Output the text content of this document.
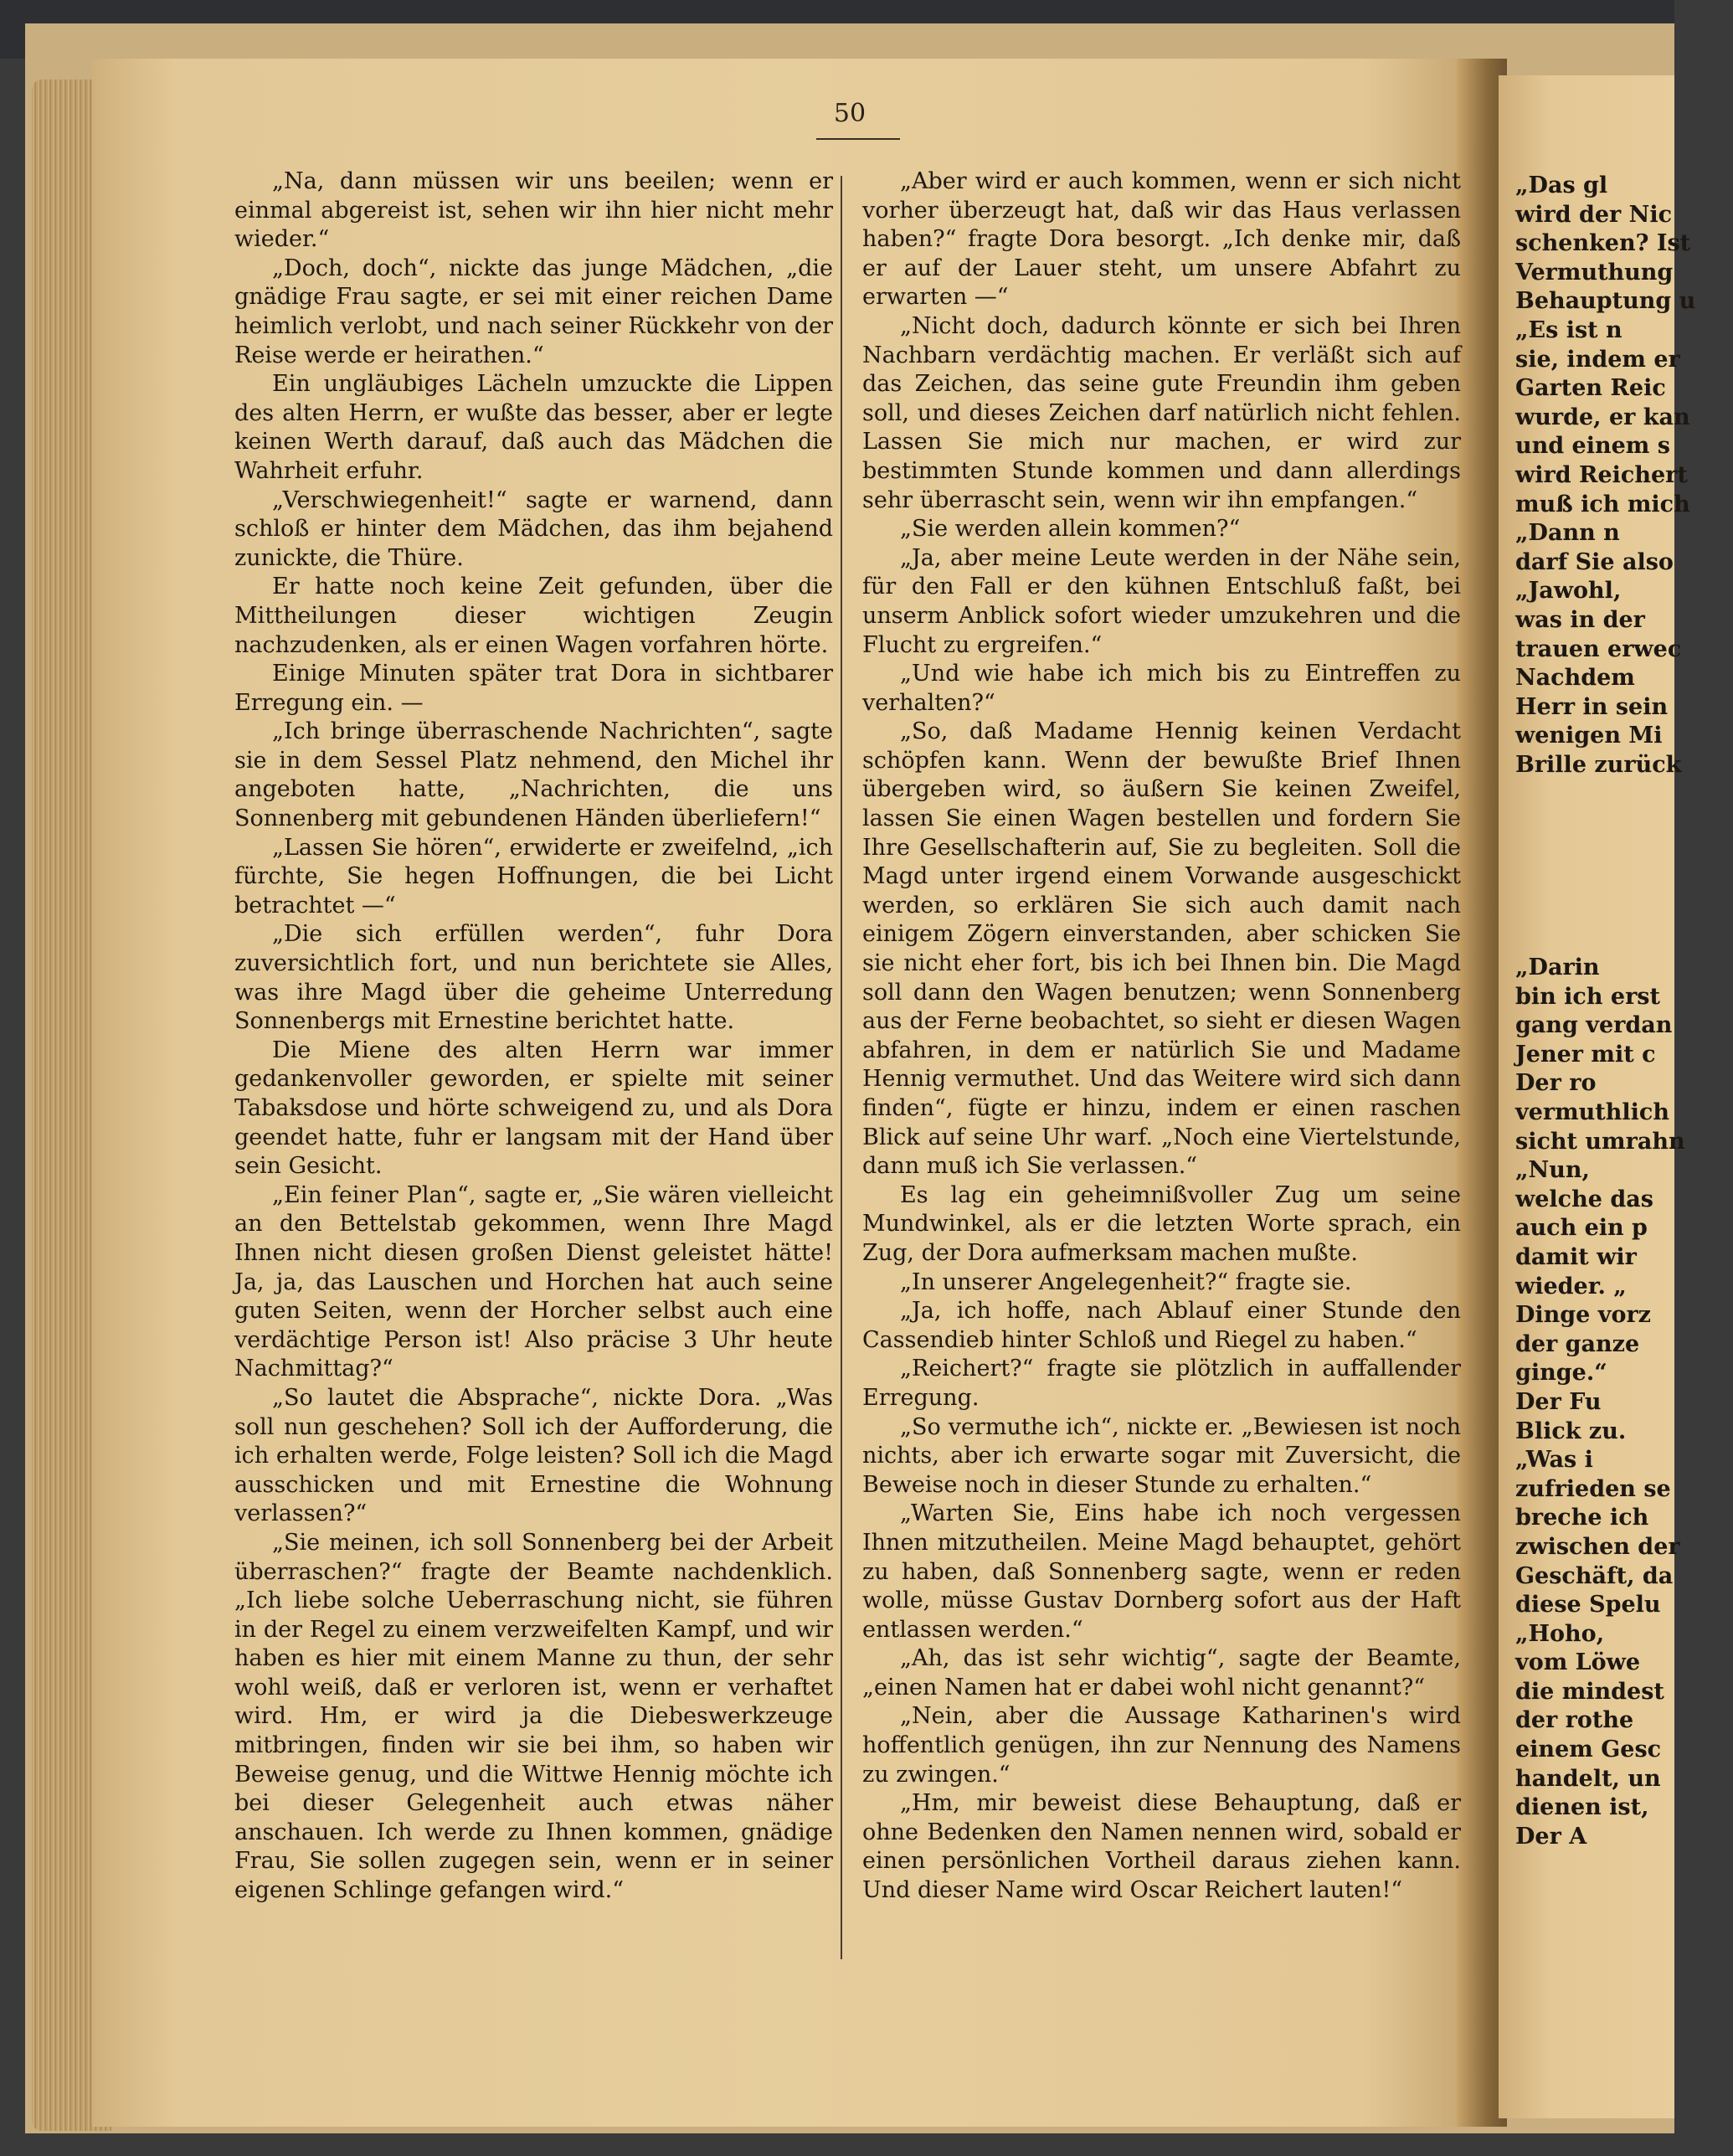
„Das gl
wird der Nic
schenken? Ist
Vermuthung
Behauptung u
„Es ist n
sie, indem er
Garten Reic
wurde, er kan
und einem s
wird Reichert
muß ich mich
„Dann n
darf Sie also
„Jawohl,
was in der
trauen erwec
Nachdem
Herr in sein
wenigen Mi
Brille zurück
„Darin
bin ich erst
gang verdan
Jener mit c
Der ro
vermuthlich
sicht umrahn
„Nun,
welche das
auch ein p
damit wir
wieder. „
Dinge vorz
der ganze
ginge.“
Der Fu
Blick zu.
„Was i
zufrieden se
breche ich
zwischen der
Geschäft, da
diese Spelu
„Hoho,
vom Löwe
die mindest
der rothe
einem Gesc
handelt, un
dienen ist,
Der A
50

„Na, dann müssen wir uns beeilen; wenn er einmal abgereist ist, sehen wir ihn hier nicht mehr wieder.“

„Doch, doch“, nickte das junge Mädchen, „die gnädige Frau sagte, er sei mit einer reichen Dame heimlich verlobt, und nach seiner Rückkehr von der Reise werde er heirathen.“

Ein ungläubiges Lächeln umzuckte die Lippen des alten Herrn, er wußte das besser, aber er legte keinen Werth darauf, daß auch das Mädchen die Wahrheit erfuhr.

„Verschwiegenheit!“ sagte er warnend, dann schloß er hinter dem Mädchen, das ihm bejahend zunickte, die Thüre.

Er hatte noch keine Zeit gefunden, über die Mittheilungen dieser wichtigen Zeugin nachzudenken, als er einen Wagen vorfahren hörte.

Einige Minuten später trat Dora in sichtbarer Erregung ein. —

„Ich bringe überraschende Nachrichten“, sagte sie in dem Sessel Platz nehmend, den Michel ihr angeboten hatte, „Nachrichten, die uns Sonnenberg mit gebundenen Händen überliefern!“

„Lassen Sie hören“, erwiderte er zweifelnd, „ich fürchte, Sie hegen Hoffnungen, die bei Licht betrachtet —“

„Die sich erfüllen werden“, fuhr Dora zuversichtlich fort, und nun berichtete sie Alles, was ihre Magd über die geheime Unterredung Sonnenbergs mit Ernestine berichtet hatte.

Die Miene des alten Herrn war immer gedankenvoller geworden, er spielte mit seiner Tabaksdose und hörte schweigend zu, und als Dora geendet hatte, fuhr er langsam mit der Hand über sein Gesicht.

„Ein feiner Plan“, sagte er, „Sie wären vielleicht an den Bettelstab gekommen, wenn Ihre Magd Ihnen nicht diesen großen Dienst geleistet hätte! Ja, ja, das Lauschen und Horchen hat auch seine guten Seiten, wenn der Horcher selbst auch eine verdächtige Person ist! Also präcise 3 Uhr heute Nachmittag?“

„So lautet die Absprache“, nickte Dora. „Was soll nun geschehen? Soll ich der Aufforderung, die ich erhalten werde, Folge leisten? Soll ich die Magd ausschicken und mit Ernestine die Wohnung verlassen?“

„Sie meinen, ich soll Sonnenberg bei der Arbeit überraschen?“ fragte der Beamte nachdenklich. „Ich liebe solche Ueberraschung nicht, sie führen in der Regel zu einem verzweifelten Kampf, und wir haben es hier mit einem Manne zu thun, der sehr wohl weiß, daß er verloren ist, wenn er verhaftet wird. Hm, er wird ja die Diebeswerkzeuge mitbringen, finden wir sie bei ihm, so haben wir Beweise genug, und die Wittwe Hennig möchte ich bei dieser Gelegenheit auch etwas näher anschauen. Ich werde zu Ihnen kommen, gnädige Frau, Sie sollen zugegen sein, wenn er in seiner eigenen Schlinge gefangen wird.“

„Aber wird er auch kommen, wenn er sich nicht vorher überzeugt hat, daß wir das Haus verlassen haben?“ fragte Dora besorgt. „Ich denke mir, daß er auf der Lauer steht, um unsere Abfahrt zu erwarten —“

„Nicht doch, dadurch könnte er sich bei Ihren Nachbarn verdächtig machen. Er verläßt sich auf das Zeichen, das seine gute Freundin ihm geben soll, und dieses Zeichen darf natürlich nicht fehlen. Lassen Sie mich nur machen, er wird zur bestimmten Stunde kommen und dann allerdings sehr überrascht sein, wenn wir ihn empfangen.“

„Sie werden allein kommen?“

„Ja, aber meine Leute werden in der Nähe sein, für den Fall er den kühnen Entschluß faßt, bei unserm Anblick sofort wieder umzukehren und die Flucht zu ergreifen.“

„Und wie habe ich mich bis zu Eintreffen zu verhalten?“

„So, daß Madame Hennig keinen Verdacht schöpfen kann. Wenn der bewußte Brief Ihnen übergeben wird, so äußern Sie keinen Zweifel, lassen Sie einen Wagen bestellen und fordern Sie Ihre Gesellschafterin auf, Sie zu begleiten. Soll die Magd unter irgend einem Vorwande ausgeschickt werden, so erklären Sie sich auch damit nach einigem Zögern einverstanden, aber schicken Sie sie nicht eher fort, bis ich bei Ihnen bin. Die Magd soll dann den Wagen benutzen; wenn Sonnenberg aus der Ferne beobachtet, so sieht er diesen Wagen abfahren, in dem er natürlich Sie und Madame Hennig vermuthet. Und das Weitere wird sich dann finden“, fügte er hinzu, indem er einen raschen Blick auf seine Uhr warf. „Noch eine Viertelstunde, dann muß ich Sie verlassen.“

Es lag ein geheimnißvoller Zug um seine Mundwinkel, als er die letzten Worte sprach, ein Zug, der Dora aufmerksam machen mußte.

„In unserer Angelegenheit?“ fragte sie.

„Ja, ich hoffe, nach Ablauf einer Stunde den Cassendieb hinter Schloß und Riegel zu haben.“

„Reichert?“ fragte sie plötzlich in auffallender Erregung.

„So vermuthe ich“, nickte er. „Bewiesen ist noch nichts, aber ich erwarte sogar mit Zuversicht, die Beweise noch in dieser Stunde zu erhalten.“

„Warten Sie, Eins habe ich noch vergessen Ihnen mitzutheilen. Meine Magd behauptet, gehört zu haben, daß Sonnenberg sagte, wenn er reden wolle, müsse Gustav Dornberg sofort aus der Haft entlassen werden.“

„Ah, das ist sehr wichtig“, sagte der Beamte, „einen Namen hat er dabei wohl nicht genannt?“

„Nein, aber die Aussage Katharinen's wird hoffentlich genügen, ihn zur Nennung des Namens zu zwingen.“

„Hm, mir beweist diese Behauptung, daß er ohne Bedenken den Namen nennen wird, sobald er einen persönlichen Vortheil daraus ziehen kann. Und dieser Name wird Oscar Reichert lauten!“
